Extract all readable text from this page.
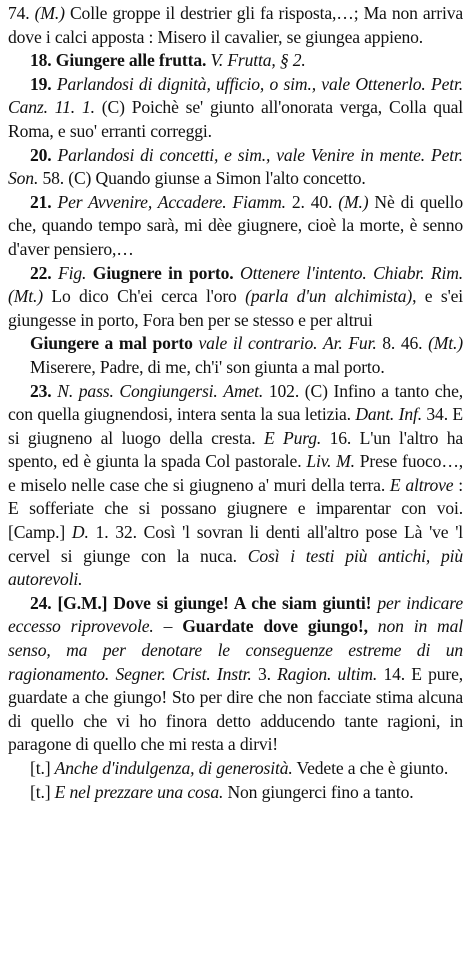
74. (M.) Colle groppe il destrier gli fa risposta,…; Ma non arriva dove i calci apposta : Misero il cavalier, se giungea appieno.

18. Giungere alle frutta. V. Frutta, § 2.

19. Parlandosi di dignità, ufficio, o sim., vale Ottenerlo. Petr. Canz. 11. 1. (C) Poichè se' giunto all'onorata verga, Colla qual Roma, e suo' erranti correggi.

20. Parlandosi di concetti, e sim., vale Venire in mente. Petr. Son. 58. (C) Quando giunse a Simon l'alto concetto.

21. Per Avvenire, Accadere. Fiamm. 2. 40. (M.) Nè di quello che, quando tempo sarà, mi dèe giugnere, cioè la morte, è senno d'aver pensiero,…

22. Fig. Giugnere in porto. Ottenere l'intento. Chiabr. Rim. (Mt.) Lo dico Ch'ei cerca l'oro (parla d'un alchimista), e s'ei giungesse in porto, Fora ben per se stesso e per altrui

Giungere a mal porto vale il contrario. Ar. Fur. 8. 46. (Mt.) Miserere, Padre, di me, ch'i' son giunta a mal porto.

23. N. pass. Congiungersi. Amet. 102. (C) Infino a tanto che, con quella giugnendosi, intera senta la sua letizia. Dant. Inf. 34. E si giugneno al luogo della cresta. E Purg. 16. L'un l'altro ha spento, ed è giunta la spada Col pastorale. Liv. M. Prese fuoco…, e miselo nelle case che si giugneno a' muri della terra. E altrove : E sofferiate che si possano giugnere e imparentar con voi. [Camp.] D. 1. 32. Così 'l sovran li denti all'altro pose Là 've 'l cervel si giunge con la nuca. Così i testi più antichi, più autorevoli.

24. [G.M.] Dove si giunge! A che siam giunti! per indicare eccesso riprovevole. – Guardate dove giungo!, non in mal senso, ma per denotare le conseguenze estreme di un ragionamento. Segner. Crist. Instr. 3. Ragion. ultim. 14. E pure, guardate a che giungo! Sto per dire che non facciate stima alcuna di quello che vi ho finora detto adducendo tante ragioni, in paragone di quello che mi resta a dirvi!

[t.] Anche d'indulgenza, di generosità. Vedete a che è giunto.

[t.] E nel prezzare una cosa. Non giungerci fino a tanto.
